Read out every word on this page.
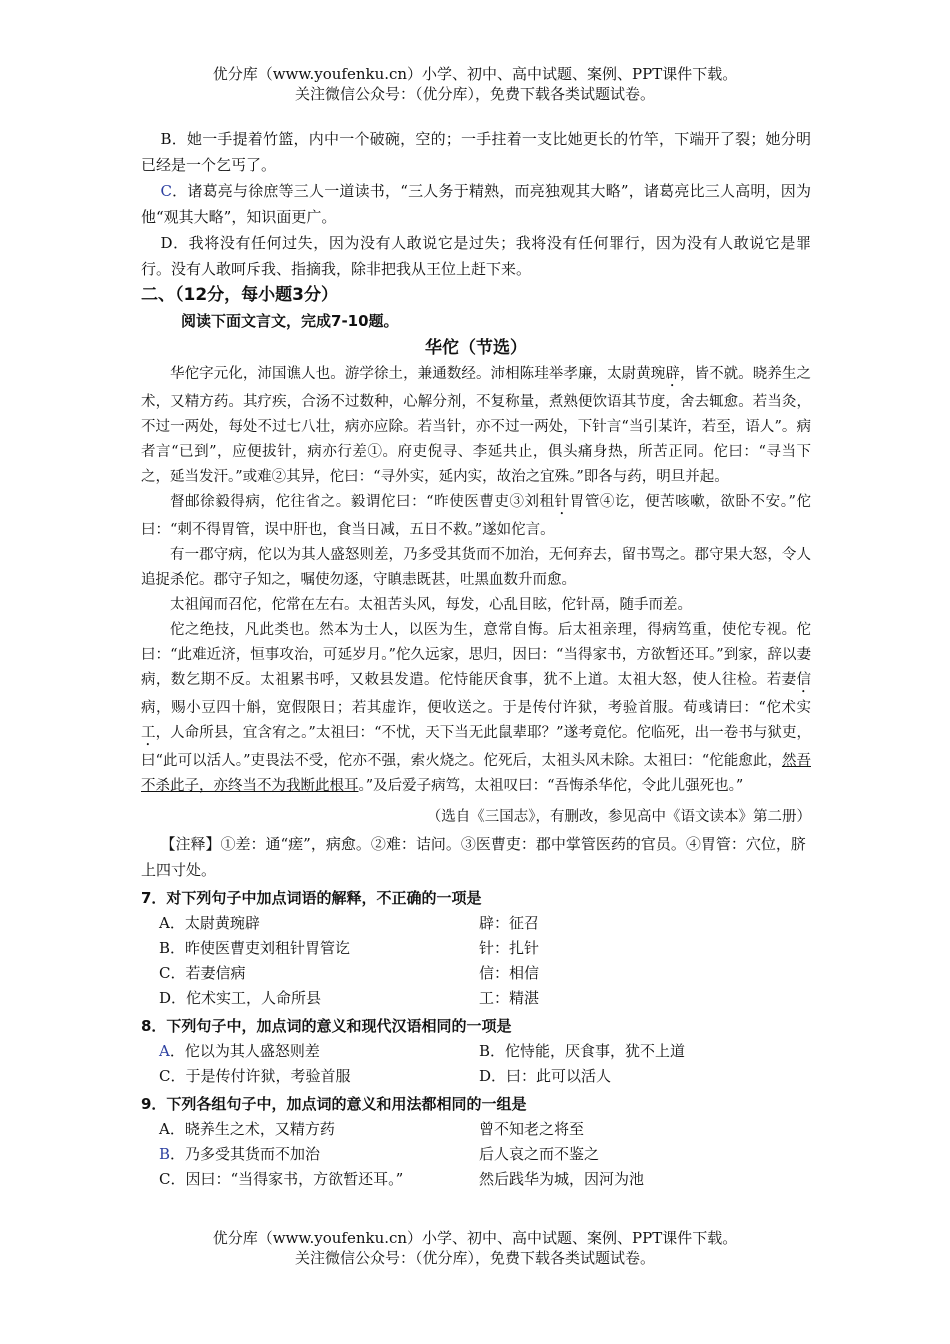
优分库（www.youfenku.cn）小学、初中、高中试题、案例、PPT课件下载。
关注微信公众号：（优分库），免费下载各类试题试卷。

B．她一手提着竹篮，内中一个破碗，空的；一手拄着一支比她更长的竹竿，下端开了裂；她分明已经是一个乞丐了。

C．诸葛亮与徐庶等三人一道读书，“三人务于精熟，而亮独观其大略”，诸葛亮比三人高明，因为他“观其大略”，知识面更广。

D．我将没有任何过失，因为没有人敢说它是过失；我将没有任何罪行，因为没有人敢说它是罪行。没有人敢呵斥我、指摘我，除非把我从王位上赶下来。

二、（12分，每小题3分）

阅读下面文言文，完成7-10题。

华佗（节选）

华佗字元化，沛国谯人也。游学徐土，兼通数经。沛相陈珪举孝廉，太尉黄琬辟，皆不就。晓养生之术，又精方药。其疗疾，合汤不过数种，心解分剂，不复称量，煮熟便饮语其节度，舍去辄愈。若当灸，不过一两处，每处不过七八壮，病亦应除。若当针，亦不过一两处，下针言“当引某许，若至，语人”。病者言“已到”，应便拔针，病亦行差①。府吏倪寻、李延共止，俱头痛身热，所苦正同。佗曰：“寻当下之，延当发汗。”或难②其异，佗曰：“寻外实，延内实，故治之宜殊。”即各与药，明旦并起。

督邮徐毅得病，佗往省之。毅谓佗曰：“昨使医曹吏③刘租针胃管④讫，便苦咳嗽，欲卧不安。”佗曰：“刺不得胃管，误中肝也，食当日减，五日不救。”遂如佗言。

有一郡守病，佗以为其人盛怒则差，乃多受其货而不加治，无何弃去，留书骂之。郡守果大怒，令人追捉杀佗。郡守子知之，嘱使勿逐，守瞋恚既甚，吐黑血数升而愈。

太祖闻而召佗，佗常在左右。太祖苦头风，每发，心乱目眩，佗针鬲，随手而差。

佗之绝技，凡此类也。然本为士人，以医为生，意常自悔。后太祖亲理，得病笃重，使佗专视。佗曰：“此难近济，恒事攻治，可延岁月。”佗久远家，思归，因曰：“当得家书，方欲暂还耳。”到家，辞以妻病，数乞期不反。太祖累书呼，又敕县发遣。佗恃能厌食事，犹不上道。太祖大怒，使人往检。若妻信病，赐小豆四十斛，宽假限日；若其虚诈，便收送之。于是传付许狱，考验首服。荀彧请曰：“佗术实工，人命所县，宜含宥之。”太祖曰：“不忧，天下当无此鼠辈耶？”遂考竟佗。佗临死，出一卷书与狱吏，曰“此可以活人。”吏畏法不受，佗亦不强，索火烧之。佗死后，太祖头风未除。太祖曰：“佗能愈此，然吾不杀此子，亦终当不为我断此根耳。”及后爱子病笃，太祖叹曰：“吾悔杀华佗，令此儿强死也。”

（选自《三国志》，有删改，参见高中《语文读本》第二册）

【注释】①差：通“瘥”，病愈。②难：诘问。③医曹吏：郡中掌管医药的官员。④胃管：穴位，脐上四寸处。

7．对下列句子中加点词语的解释，不正确的一项是

A．太尉黄琬辟	辟：征召
B．昨使医曹吏刘租针胃管讫	针：扎针
C．若妻信病	信：相信
D．佗术实工，人命所县	工：精湛

8．下列句子中，加点词的意义和现代汉语相同的一项是

A．佗以为其人盛怒则差	B．佗恃能，厌食事，犹不上道
C．于是传付许狱，考验首服	D．曰：此可以活人

9．下列各组句子中，加点词的意义和用法都相同的一组是

A．晓养生之术，又精方药	曾不知老之将至
B．乃多受其货而不加治	后人哀之而不鉴之
C．因曰：“当得家书，方欲暂还耳。”	然后践华为城，因河为池
优分库（www.youfenku.cn）小学、初中、高中试题、案例、PPT课件下载。
关注微信公众号：（优分库），免费下载各类试题试卷。
